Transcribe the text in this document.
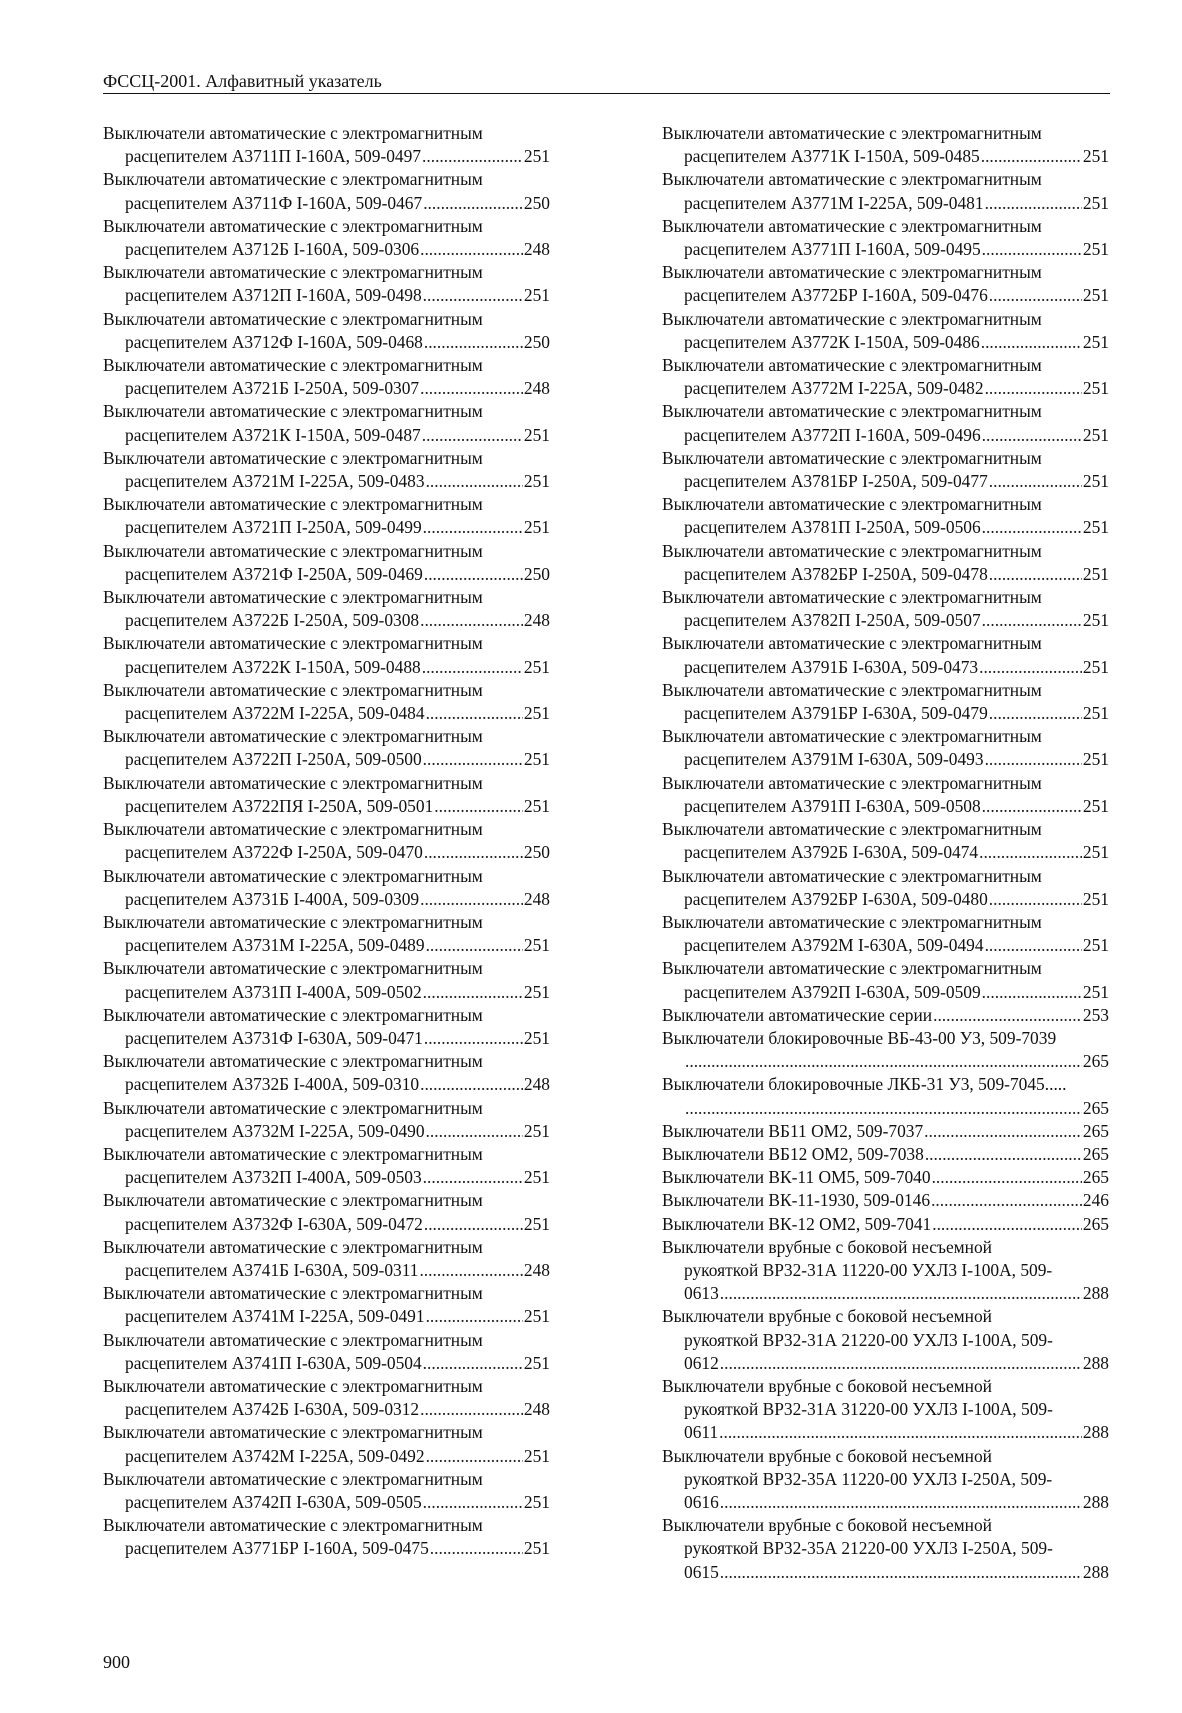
ФССЦ-2001. Алфавитный указатель
Выключатели автоматические с электромагнитным
расцепителем А3711П I-160А, 509-0497 .....	251
Выключатели автоматические с электромагнитным
расцепителем А3711Ф I-160А, 509-0467 .....	250
Выключатели автоматические с электромагнитным
расцепителем А3712Б I-160А, 509-0306 .....	248
Выключатели автоматические с электромагнитным
расцепителем А3712П I-160А, 509-0498 .....	251
Выключатели автоматические с электромагнитным
расцепителем А3712Ф I-160А, 509-0468 .....	250
Выключатели автоматические с электромагнитным
расцепителем А3721Б I-250А, 509-0307 .....	248
Выключатели автоматические с электромагнитным
расцепителем А3721К I-150А, 509-0487 .....	251
Выключатели автоматические с электромагнитным
расцепителем А3721М I-225А, 509-0483 .....	251
Выключатели автоматические с электромагнитным
расцепителем А3721П I-250А, 509-0499 .....	251
Выключатели автоматические с электромагнитным
расцепителем А3721Ф I-250А, 509-0469 .....	250
Выключатели автоматические с электромагнитным
расцепителем А3722Б I-250А, 509-0308 .....	248
Выключатели автоматические с электромагнитным
расцепителем А3722К I-150А, 509-0488 .....	251
Выключатели автоматические с электромагнитным
расцепителем А3722М I-225А, 509-0484 .....	251
Выключатели автоматические с электромагнитным
расцепителем А3722П I-250А, 509-0500 .....	251
Выключатели автоматические с электромагнитным
расцепителем А3722ПЯ I-250А, 509-0501 .....	251
Выключатели автоматические с электромагнитным
расцепителем А3722Ф I-250А, 509-0470 .....	250
Выключатели автоматические с электромагнитным
расцепителем А3731Б I-400А, 509-0309 .....	248
Выключатели автоматические с электромагнитным
расцепителем А3731М I-225А, 509-0489 .....	251
Выключатели автоматические с электромагнитным
расцепителем А3731П I-400А, 509-0502 .....	251
Выключатели автоматические с электромагнитным
расцепителем А3731Ф I-630А, 509-0471 .....	251
Выключатели автоматические с электромагнитным
расцепителем А3732Б I-400А, 509-0310 .....	248
Выключатели автоматические с электромагнитным
расцепителем А3732М I-225А, 509-0490 .....	251
Выключатели автоматические с электромагнитным
расцепителем А3732П I-400А, 509-0503 .....	251
Выключатели автоматические с электромагнитным
расцепителем А3732Ф I-630А, 509-0472 .....	251
Выключатели автоматические с электромагнитным
расцепителем А3741Б I-630А, 509-0311 .....	248
Выключатели автоматические с электромагнитным
расцепителем А3741М I-225А, 509-0491 .....	251
Выключатели автоматические с электромагнитным
расцепителем А3741П I-630А, 509-0504 .....	251
Выключатели автоматические с электромагнитным
расцепителем А3742Б I-630А, 509-0312 .....	248
Выключатели автоматические с электромагнитным
расцепителем А3742М I-225А, 509-0492 .....	251
Выключатели автоматические с электромагнитным
расцепителем А3742П I-630А, 509-0505 .....	251
Выключатели автоматические с электромагнитным
расцепителем А3771БР I-160А, 509-0475 .....	251
Выключатели автоматические с электромагнитным
расцепителем А3771К I-150А, 509-0485 .....	251
Выключатели автоматические с электромагнитным
расцепителем А3771М I-225А, 509-0481 .....	251
Выключатели автоматические с электромагнитным
расцепителем А3771П I-160А, 509-0495 .....	251
Выключатели автоматические с электромагнитным
расцепителем А3772БР I-160А, 509-0476 .....	251
Выключатели автоматические с электромагнитным
расцепителем А3772К I-150А, 509-0486 .....	251
Выключатели автоматические с электромагнитным
расцепителем А3772М I-225А, 509-0482 .....	251
Выключатели автоматические с электромагнитным
расцепителем А3772П I-160А, 509-0496 .....	251
Выключатели автоматические с электромагнитным
расцепителем А3781БР I-250А, 509-0477 .....	251
Выключатели автоматические с электромагнитным
расцепителем А3781П I-250А, 509-0506 .....	251
Выключатели автоматические с электромагнитным
расцепителем А3782БР I-250А, 509-0478 .....	251
Выключатели автоматические с электромагнитным
расцепителем А3782П I-250А, 509-0507 .....	251
Выключатели автоматические с электромагнитным
расцепителем А3791Б I-630А, 509-0473 .....	251
Выключатели автоматические с электромагнитным
расцепителем А3791БР I-630А, 509-0479 .....	251
Выключатели автоматические с электромагнитным
расцепителем А3791М I-630А, 509-0493 .....	251
Выключатели автоматические с электромагнитным
расцепителем А3791П I-630А, 509-0508 .....	251
Выключатели автоматические с электромагнитным
расцепителем А3792Б I-630А, 509-0474 .....	251
Выключатели автоматические с электромагнитным
расцепителем А3792БР I-630А, 509-0480 .....	251
Выключатели автоматические с электромагнитным
расцепителем А3792М I-630А, 509-0494 .....	251
Выключатели автоматические с электромагнитным
расцепителем А3792П I-630А, 509-0509 .....	251
Выключатели автоматические серии .....	253
Выключатели блокировочные ВБ-43-00 У3, 509-7039
.....
265
Выключатели блокировочные ЛКБ-31 У3, 509-7045.....
.....
265
Выключатели ВБ11 ОМ2, 509-7037 .....	265
Выключатели ВБ12 ОМ2, 509-7038 .....	265
Выключатели ВК-11 ОМ5, 509-7040 .....	265
Выключатели ВК-11-1930, 509-0146 .....	246
Выключатели ВК-12 ОМ2, 509-7041 .....	265
Выключатели врубные с боковой несъемной
рукояткой ВР32-31А 11220-00 УХЛ3 I-100А, 509-
0613 .....	288
Выключатели врубные с боковой несъемной
рукояткой ВР32-31А 21220-00 УХЛ3 I-100А, 509-
0612 .....	288
Выключатели врубные с боковой несъемной
рукояткой ВР32-31А 31220-00 УХЛ3 I-100А, 509-
0611 .....	288
Выключатели врубные с боковой несъемной
рукояткой ВР32-35А 11220-00 УХЛ3 I-250А, 509-
0616 .....	288
Выключатели врубные с боковой несъемной
рукояткой ВР32-35А 21220-00 УХЛ3 I-250А, 509-
0615 .....	288
900
